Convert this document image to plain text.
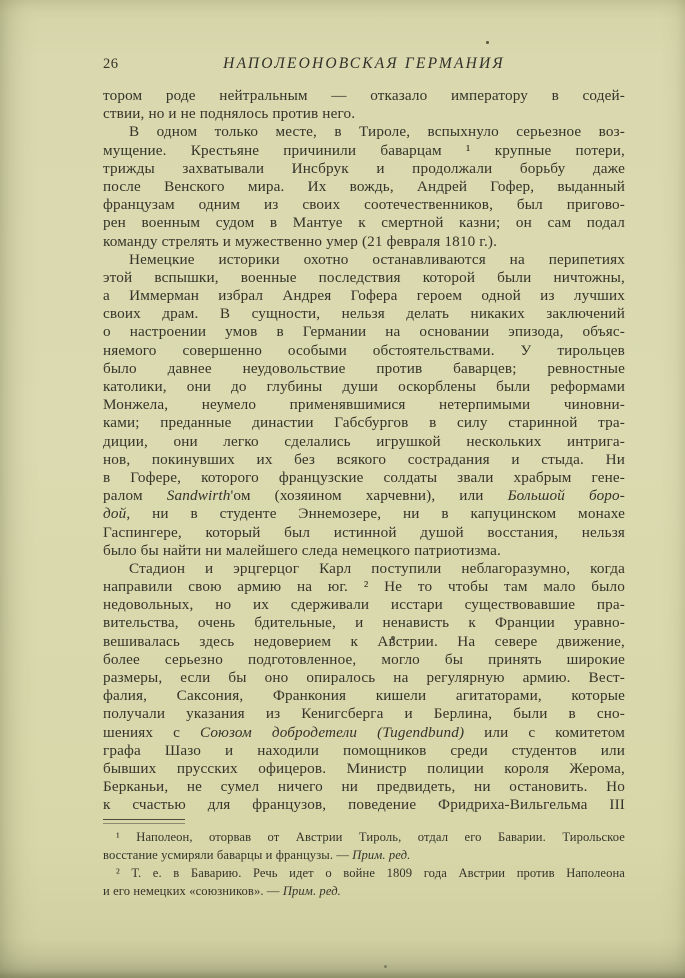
26	НАПОЛЕОНОВСКАЯ ГЕРМАНИЯ
тором роде нейтральным — отказало императору в содей-
ствии, но и не поднялось против него.
В одном только месте, в Тироле, вспыхнуло серьезное воз-
мущение. Крестьяне причинили баварцам ¹ крупные потери,
трижды захватывали Инсбрук и продолжали борьбу даже
после Венского мира. Их вождь, Андрей Гофер, выданный
французам одним из своих соотечественников, был пригово-
рен военным судом в Мантуе к смертной казни; он сам подал
команду стрелять и мужественно умер (21 февраля 1810 г.).
Немецкие историки охотно останавливаются на перипетиях
этой вспышки, военные последствия которой были ничтожны,
а Иммерман избрал Андрея Гофера героем одной из лучших
своих драм. В сущности, нельзя делать никаких заключений
о настроении умов в Германии на основании эпизода, объяс-
няемого совершенно особыми обстоятельствами. У тирольцев
было давнее неудовольствие против баварцев; ревностные
католики, они до глубины души оскорблены были реформами
Монжела, неумело применявшимися нетерпимыми чиновни-
ками; преданные династии Габсбургов в силу старинной тра-
диции, они легко сделались игрушкой нескольких интрига-
нов, покинувших их без всякого сострадания и стыда. Ни
в Гофере, которого французские солдаты звали храбрым гене-
ралом Sandwirth'ом (хозяином харчевни), или Большой боро-
дой, ни в студенте Эннемозере, ни в капуцинском монахе
Гаспингере, который был истинной душой восстания, нельзя
было бы найти ни малейшего следа немецкого патриотизма.
Стадион и эрцгерцог Карл поступили неблагоразумно, когда
направили свою армию на юг. ² Не то чтобы там мало было
недовольных, но их сдерживали исстари существовавшие пра-
вительства, очень бдительные, и ненависть к Франции уравно-
вешивалась здесь недоверием к Австрии. На севере движение,
более серьезно подготовленное, могло бы принять широкие
размеры, если бы оно опиралось на регулярную армию. Вест-
фалия, Саксония, Франкония кишели агитаторами, которые
получали указания из Кенигсберга и Берлина, были в сно-
шениях с Союзом добродетели (Tugendbund) или с комитетом
графа Шазо и находили помощников среди студентов или
бывших прусских офицеров. Министр полиции короля Жерома,
Берканьи, не сумел ничего ни предвидеть, ни остановить. Но
к счастью для французов, поведение Фридриха-Вильгельма III
¹ Наполеон, оторвав от Австрии Тироль, отдал его Баварии. Тирольское
восстание усмиряли баварцы и французы. — Прим. ред.
² Т. е. в Баварию. Речь идет о войне 1809 года Австрии против Наполеона
и его немецких «союзников». — Прим. ред.
